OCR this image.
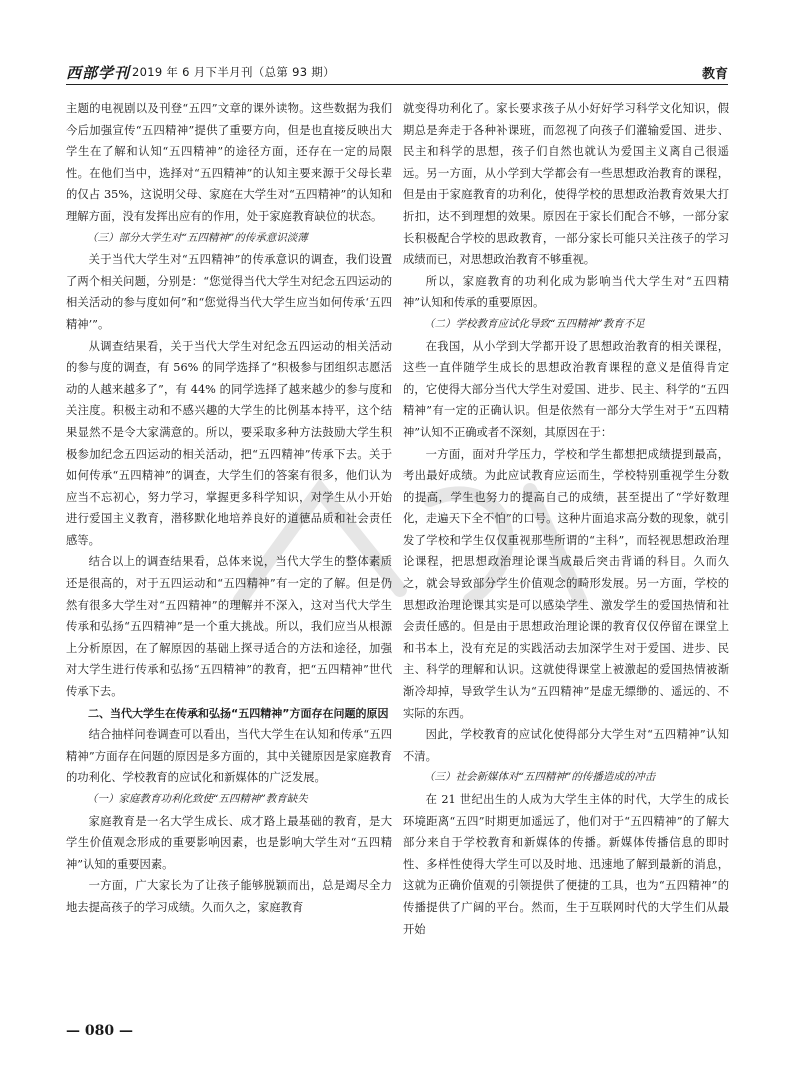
西部学刊 2019 年 6 月下半月刊（总第 93 期）	教育

主题的电视剧以及刊登“五四”文章的课外读物。这些数据为我们今后加强宣传“五四精神”提供了重要方向，但是也直接反映出大学生在了解和认知“五四精神”的途径方面，还存在一定的局限性。在他们当中，选择对“五四精神”的认知主要来源于父母长辈的仅占 35%，这说明父母、家庭在大学生对“五四精神”的认知和理解方面，没有发挥出应有的作用，处于家庭教育缺位的状态。

（三）部分大学生对“五四精神”的传承意识淡薄

关于当代大学生对“五四精神”的传承意识的调查，我们设置了两个相关问题，分别是：“您觉得当代大学生对纪念五四运动的相关活动的参与度如何”和“您觉得当代大学生应当如何传承‘五四精神’”。

从调查结果看，关于当代大学生对纪念五四运动的相关活动的参与度的调查，有 56% 的同学选择了“积极参与团组织志愿活动的人越来越多了”，有 44% 的同学选择了越来越少的参与度和关注度。积极主动和不感兴趣的大学生的比例基本持平，这个结果显然不是令大家满意的。所以，要采取多种方法鼓励大学生积极参加纪念五四运动的相关活动，把“五四精神”传承下去。关于如何传承“五四精神”的调查，大学生们的答案有很多，他们认为应当不忘初心，努力学习，掌握更多科学知识，对学生从小开始进行爱国主义教育，潜移默化地培养良好的道德品质和社会责任感等。

结合以上的调查结果看，总体来说，当代大学生的整体素质还是很高的，对于五四运动和“五四精神”有一定的了解。但是仍然有很多大学生对“五四精神”的理解并不深入，这对当代大学生传承和弘扬“五四精神”是一个重大挑战。所以，我们应当从根源上分析原因，在了解原因的基础上探寻适合的方法和途径，加强对大学生进行传承和弘扬“五四精神”的教育，把“五四精神”世代传承下去。

二、当代大学生在传承和弘扬“五四精神”方面存在问题的原因

结合抽样问卷调查可以看出，当代大学生在认知和传承“五四精神”方面存在问题的原因是多方面的，其中关键原因是家庭教育的功利化、学校教育的应试化和新媒体的广泛发展。

（一）家庭教育功利化致使“五四精神”教育缺失

家庭教育是一名大学生成长、成才路上最基础的教育，是大学生价值观念形成的重要影响因素，也是影响大学生对“五四精神”认知的重要因素。

一方面，广大家长为了让孩子能够脱颖而出，总是竭尽全力地去提高孩子的学习成绩。久而久之，家庭教育

就变得功利化了。家长要求孩子从小好好学习科学文化知识，假期总是奔走于各种补课班，而忽视了向孩子们灌输爱国、进步、民主和科学的思想，孩子们自然也就认为爱国主义离自己很遥远。另一方面，从小学到大学都会有一些思想政治教育的课程，但是由于家庭教育的功利化，使得学校的思想政治教育效果大打折扣，达不到理想的效果。原因在于家长们配合不够，一部分家长积极配合学校的思政教育，一部分家长可能只关注孩子的学习成绩而已，对思想政治教育不够重视。

所以，家庭教育的功利化成为影响当代大学生对“五四精神”认知和传承的重要原因。

（二）学校教育应试化导致“五四精神”教育不足

在我国，从小学到大学都开设了思想政治教育的相关课程，这些一直伴随学生成长的思想政治教育课程的意义是值得肯定的，它使得大部分当代大学生对爱国、进步、民主、科学的“五四精神”有一定的正确认识。但是依然有一部分大学生对于“五四精神”认知不正确或者不深刻，其原因在于：

一方面，面对升学压力，学校和学生都想把成绩提到最高，考出最好成绩。为此应试教育应运而生，学校特别重视学生分数的提高，学生也努力的提高自己的成绩，甚至提出了“学好数理化，走遍天下全不怕”的口号。这种片面追求高分数的现象，就引发了学校和学生仅仅重视那些所谓的“主科”，而轻视思想政治理论课程，把思想政治理论课当成最后突击背诵的科目。久而久之，就会导致部分学生价值观念的畸形发展。另一方面，学校的思想政治理论课其实是可以感染学生、激发学生的爱国热情和社会责任感的。但是由于思想政治理论课的教育仅仅停留在课堂上和书本上，没有充足的实践活动去加深学生对于爱国、进步、民主、科学的理解和认识。这就使得课堂上被激起的爱国热情被渐渐冷却掉，导致学生认为“五四精神”是虚无缥缈的、遥远的、不实际的东西。

因此，学校教育的应试化使得部分大学生对“五四精神”认知不清。

（三）社会新媒体对“五四精神”的传播造成的冲击

在 21 世纪出生的人成为大学生主体的时代，大学生的成长环境距离“五四”时期更加遥远了，他们对于“五四精神”的了解大部分来自于学校教育和新媒体的传播。新媒体传播信息的即时性、多样性使得大学生可以及时地、迅速地了解到最新的消息，这就为正确价值观的引领提供了便捷的工具，也为“五四精神”的传播提供了广阔的平台。然而，生于互联网时代的大学生们从最开始

— 080 —
